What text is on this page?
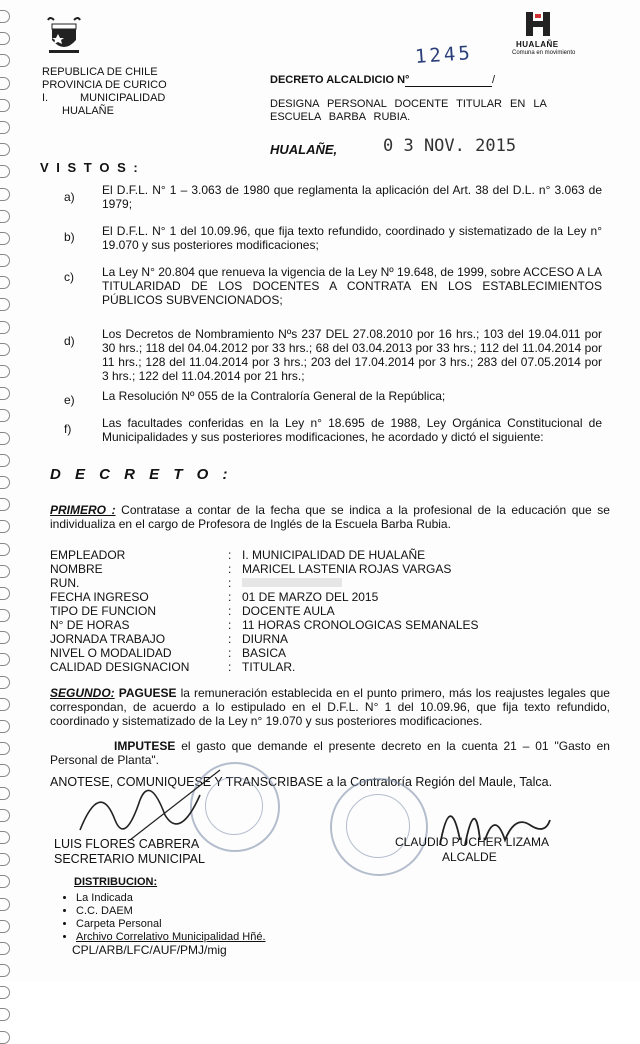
REPUBLICA DE CHILE
PROVINCIA DE CURICO
I.	MUNICIPALIDAD
HUALAÑE
HUALAÑE
Comuna en movimiento
DECRETO ALCALDICIO N°	/
1245
DESIGNA PERSONAL DOCENTE TITULAR EN LA ESCUELA BARBA RUBIA.
HUALAÑE,	0 3 NOV. 2015
V I S T O S :
a) El D.F.L. N° 1 – 3.063 de 1980 que reglamenta la aplicación del Art. 38 del D.L. n° 3.063 de 1979;
b) El D.F.L. N° 1 del 10.09.96, que fija texto refundido, coordinado y sistematizado de la Ley n° 19.070 y sus posteriores modificaciones;
c) La Ley N° 20.804 que renueva la vigencia de la Ley Nº 19.648, de 1999, sobre ACCESO A LA TITULARIDAD DE LOS DOCENTES A CONTRATA EN LOS ESTABLECIMIENTOS PÚBLICOS SUBVENCIONADOS;
d) Los Decretos de Nombramiento Nºs 237 DEL 27.08.2010 por 16 hrs.; 103 del 19.04.011 por 30 hrs.; 118 del 04.04.2012 por 33 hrs.; 68 del 03.04.2013 por 33 hrs.; 112 del 11.04.2014 por 11 hrs.; 128 del 11.04.2014 por 3 hrs.; 203 del 17.04.2014 por 3 hrs.; 283 del 07.05.2014 por 3 hrs.; 122 del 11.04.2014 por 21 hrs.;
e) La Resolución Nº 055 de la Contraloría General de la República;
f)	Las facultades conferidas en la Ley n° 18.695 de 1988, Ley Orgánica Constitucional de Municipalidades y sus posteriores modificaciones, he acordado y dictó el siguiente:
D E C R E T O :
PRIMERO : Contratase a contar de la fecha que se indica a la profesional de la educación que se individualiza en el cargo de Profesora de Inglés de la Escuela Barba Rubia.
EMPLEADOR	: I. MUNICIPALIDAD DE HUALAÑE
NOMBRE	: MARICEL LASTENIA ROJAS VARGAS
RUN.	:
FECHA INGRESO	: 01 DE MARZO DEL 2015
TIPO DE FUNCION	: DOCENTE AULA
N° DE HORAS	: 11 HORAS CRONOLOGICAS SEMANALES
JORNADA TRABAJO	: DIURNA
NIVEL O MODALIDAD	: BASICA
CALIDAD DESIGNACION	: TITULAR.
SEGUNDO: PAGUESE la remuneración establecida en el punto primero, más los reajustes legales que correspondan, de acuerdo a lo estipulado en el D.F.L. N° 1 del 10.09.96, que fija texto refundido, coordinado y sistematizado de la Ley n° 19.070 y sus posteriores modificaciones.
IMPUTESE el gasto que demande el presente decreto en la cuenta 21 – 01 "Gasto en Personal de Planta".
ANOTESE, COMUNIQUESE Y TRANSCRIBASE a la Contraloría Región del Maule, Talca.
LUIS FLORES CABRERA
SECRETARIO MUNICIPAL
CLAUDIO PUCHER LIZAMA
ALCALDE
DISTRIBUCION:
• La Indicada
• C.C. DAEM
• Carpeta Personal
• Archivo Correlativo Municipalidad Hñé.
CPL/ARB/LFC/AUF/PMJ/mig
